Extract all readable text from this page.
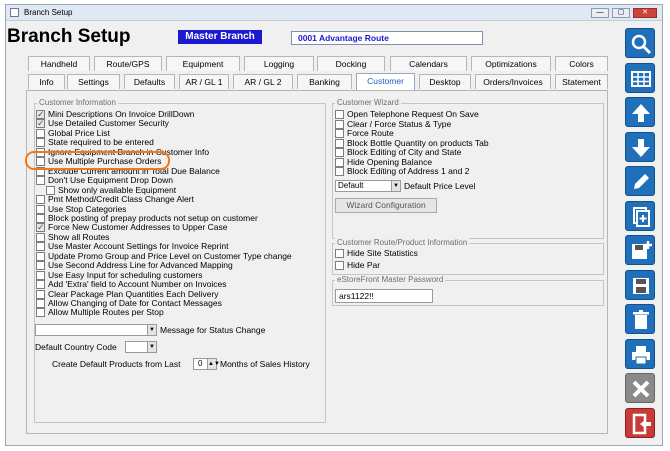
Branch Setup	—	▢	✕
Branch Setup	Master Branch	0001 Advantage Route
Handheld	Route/GPS	Equipment	Logging	Docking	Calendars	Optimizations	Colors
Info	Settings	Defaults	AR / GL 1	AR / GL 2	Banking	Customer	Desktop	Orders/Invoices	Statement
Customer Information
✓
Mini Descriptions On Invoice DrillDown
✓
Use Detailed Customer Security
Global Price List
State required to be entered
Ignore Equipment Branch in Customer Info
Use Multiple Purchase Orders
Exclude Current amount in Total Due Balance
Don't Use Equipment Drop Down
Show only available Equipment
Pmt Method/Credit Class Change Alert
Use Stop Categories
Block posting of prepay products not setup on customer
✓
Force New Customer Addresses to Upper Case
Show all Routes
Use Master Account Settings for Invoice Reprint
Update Promo Group and Price Level on Customer Type change
Use Second Address Line for Advanced Mapping
Use Easy Input for scheduling customers
Add 'Extra' field to Account Number on Invoices
Clear Package Plan Quantities Each Delivery
Allow Changing of Date for Contact Messages
Allow Multiple Routes per Stop
▼ Message for Status Change
Default Country Code	▼
Create Default Products from Last	0 ▲▼ Months of Sales History
Customer Wizard
Open Telephone Request On Save
Clear / Force Status & Type
Force Route
Block Bottle Quantity on products Tab
Block Editing of City and State
Hide Opening Balance
Block Editing of Address 1 and 2
Default	▼ Default Price Level
Wizard Configuration
Customer Route/Product Information
Hide Site Statistics
Hide Par
eStoreFront Master Password
ars1122!!
